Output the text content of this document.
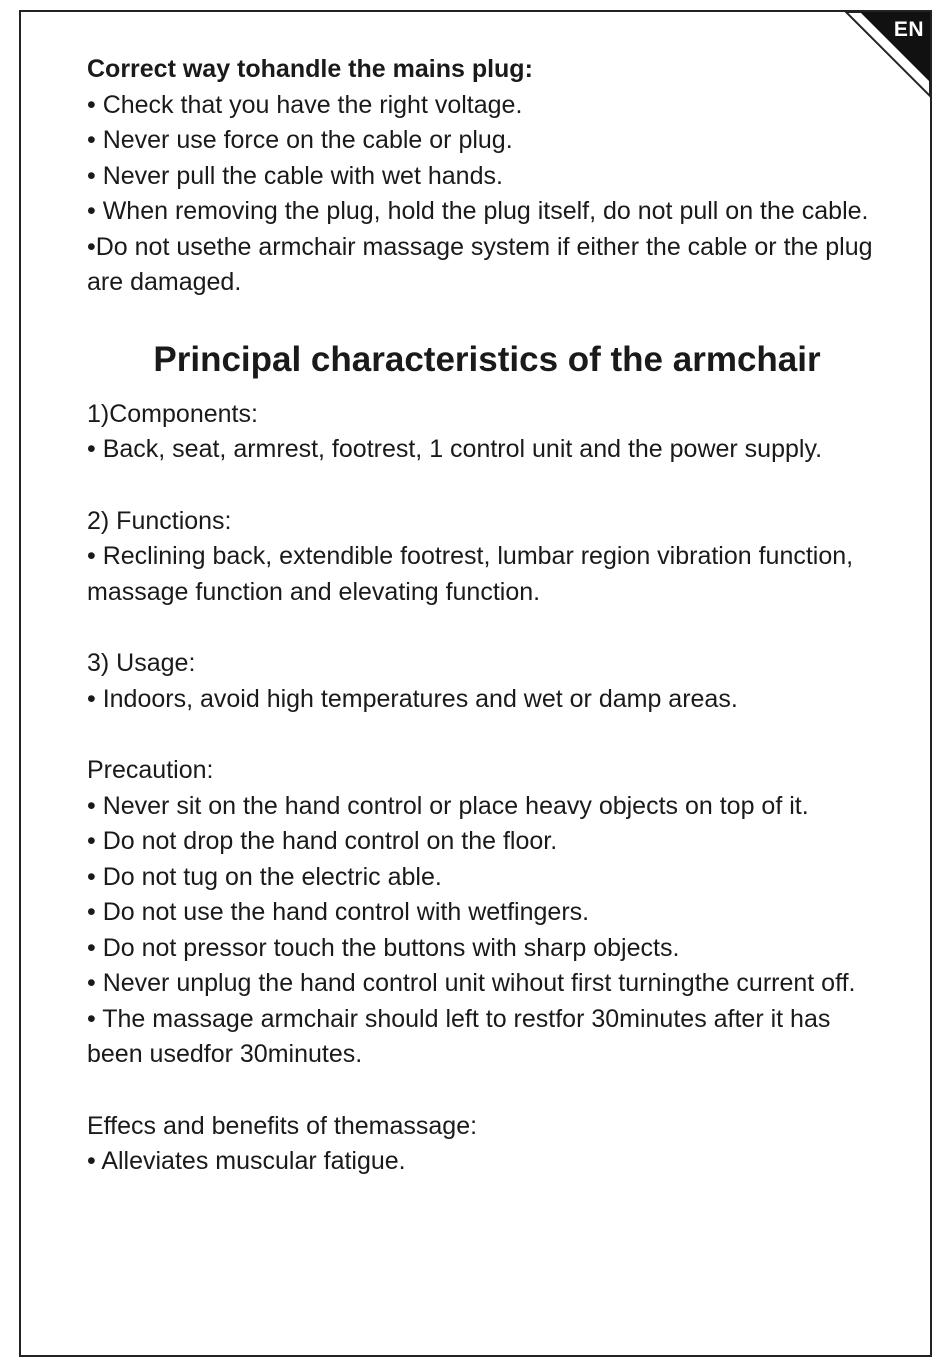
EN

Correct way tohandle the mains plug:

• Check that you have the right voltage.

• Never use force on the cable or plug.

• Never pull the cable with wet hands.

• When removing the plug, hold the plug itself, do not pull on the cable.

•Do not usethe armchair massage system if either the cable or the plug are damaged.

Principal characteristics of the armchair

1)Components:

• Back, seat, armrest, footrest, 1 control unit and the power supply.

2) Functions:

• Reclining back, extendible footrest, lumbar region vibration function, massage function and elevating function.

3) Usage:

• Indoors, avoid high temperatures and wet or damp areas.

Precaution:

• Never sit on the hand control or place heavy objects on top of it.

• Do not drop the hand control on the floor.

• Do not tug on the electric able.

• Do not use the hand control with wetfingers.

• Do not pressor touch the buttons with sharp objects.

• Never unplug the hand control unit wihout first turningthe current off.

• The massage armchair should left to restfor 30minutes after it has been usedfor 30minutes.

Effecs and benefits of themassage:

• Alleviates muscular fatigue.
